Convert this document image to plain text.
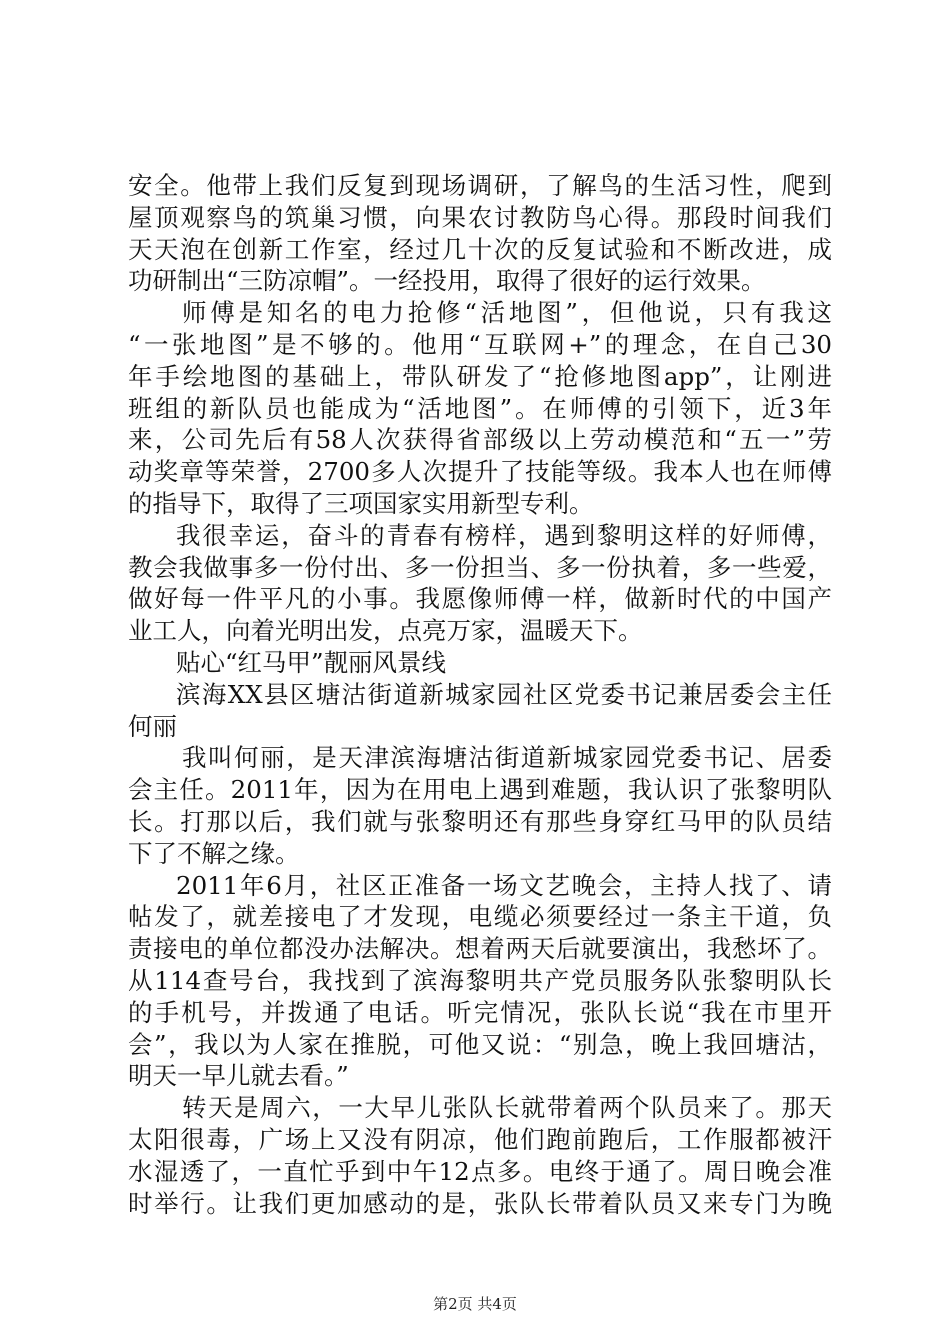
安全。他带上我们反复到现场调研，了解鸟的生活习性，爬到
屋顶观察鸟的筑巢习惯，向果农讨教防鸟心得。那段时间我们
天天泡在创新工作室，经过几十次的反复试验和不断改进，成
功研制出“三防凉帽”。一经投用，取得了很好的运行效果。
师傅是知名的电力抢修“活地图”，但他说，只有我这
“一张地图”是不够的。他用“互联网+”的理念，在自己30
年手绘地图的基础上，带队研发了“抢修地图app”，让刚进
班组的新队员也能成为“活地图”。在师傅的引领下，近3年
来，公司先后有58人次获得省部级以上劳动模范和“五一”劳
动奖章等荣誉，2700多人次提升了技能等级。我本人也在师傅
的指导下，取得了三项国家实用新型专利。
我很幸运，奋斗的青春有榜样，遇到黎明这样的好师傅，
教会我做事多一份付出、多一份担当、多一份执着，多一些爱，
做好每一件平凡的小事。我愿像师傅一样，做新时代的中国产
业工人，向着光明出发，点亮万家，温暖天下。
贴心“红马甲”靓丽风景线
滨海XX县区塘沽街道新城家园社区党委书记兼居委会主任
何丽
我叫何丽，是天津滨海塘沽街道新城家园党委书记、居委
会主任。2011年，因为在用电上遇到难题，我认识了张黎明队
长。打那以后，我们就与张黎明还有那些身穿红马甲的队员结
下了不解之缘。
2011年6月，社区正准备一场文艺晚会，主持人找了、请
帖发了，就差接电了才发现，电缆必须要经过一条主干道，负
责接电的单位都没办法解决。想着两天后就要演出，我愁坏了。
从114查号台，我找到了滨海黎明共产党员服务队张黎明队长
的手机号，并拨通了电话。听完情况，张队长说“我在市里开
会”，我以为人家在推脱，可他又说：“别急，晚上我回塘沽，
明天一早儿就去看。”
转天是周六，一大早儿张队长就带着两个队员来了。那天
太阳很毒，广场上又没有阴凉，他们跑前跑后，工作服都被汗
水湿透了，一直忙乎到中午12点多。电终于通了。周日晚会准
时举行。让我们更加感动的是，张队长带着队员又来专门为晚
第2页 共4页
